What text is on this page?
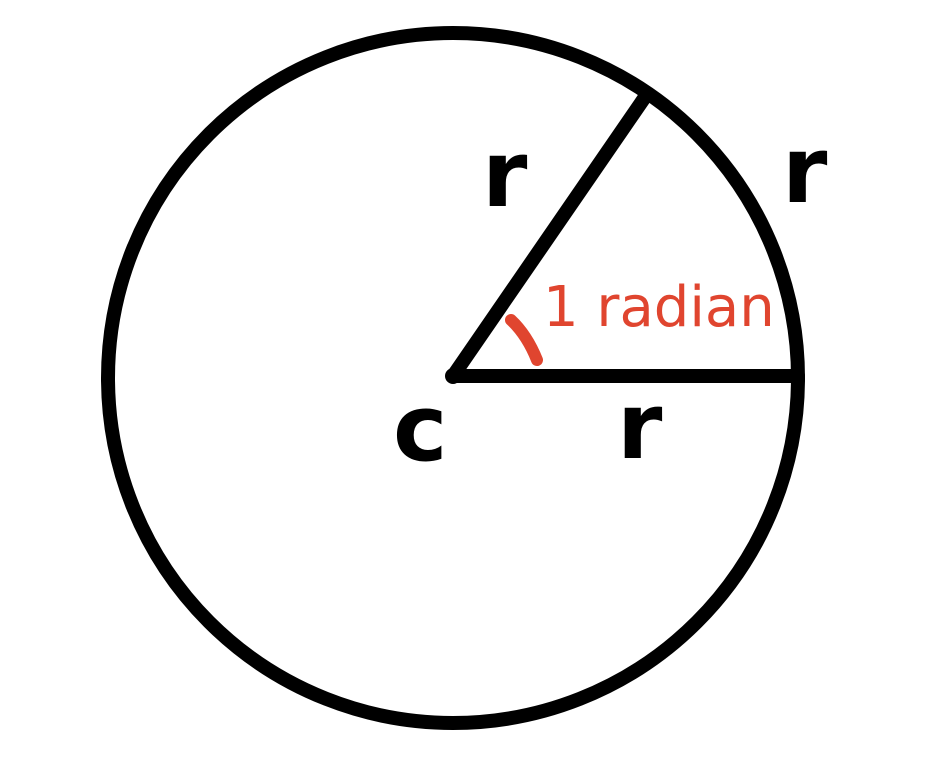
r	r
r
c
1 radian
